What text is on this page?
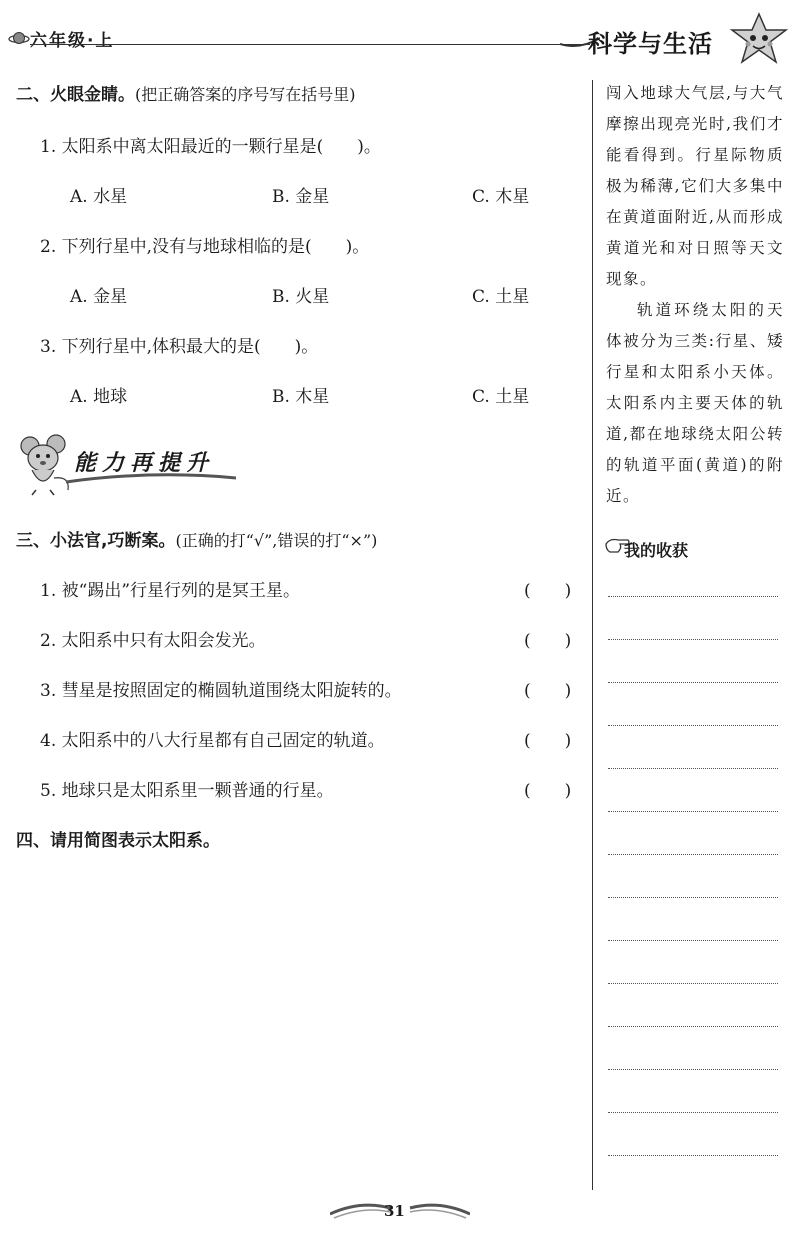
六年级·上	科学与生活
二、火眼金睛。(把正确答案的序号写在括号里)
1. 太阳系中离太阳最近的一颗行星是(　　)。
A. 水星	B. 金星	C. 木星
2. 下列行星中,没有与地球相临的是(　　)。
A. 金星	B. 火星	C. 土星
3. 下列行星中,体积最大的是(　　)。
A. 地球	B. 木星	C. 土星
能力再提升
三、小法官,巧断案。(正确的打“√”,错误的打“×”)
1. 被“踢出”行星行列的是冥王星。	(　　)
2. 太阳系中只有太阳会发光。	(　　)
3. 彗星是按照固定的椭圆轨道围绕太阳旋转的。	(　　)
4. 太阳系中的八大行星都有自己固定的轨道。	(　　)
5. 地球只是太阳系里一颗普通的行星。	(　　)
四、请用简图表示太阳系。

闯入地球大气层,与大气摩擦出现亮光时,我们才能看得到。行星际物质极为稀薄,它们大多集中在黄道面附近,从而形成黄道光和对日照等天文现象。

轨道环绕太阳的天体被分为三类:行星、矮行星和太阳系小天体。太阳系内主要天体的轨道,都在地球绕太阳公转的轨道平面(黄道)的附近。

我的收获
31
